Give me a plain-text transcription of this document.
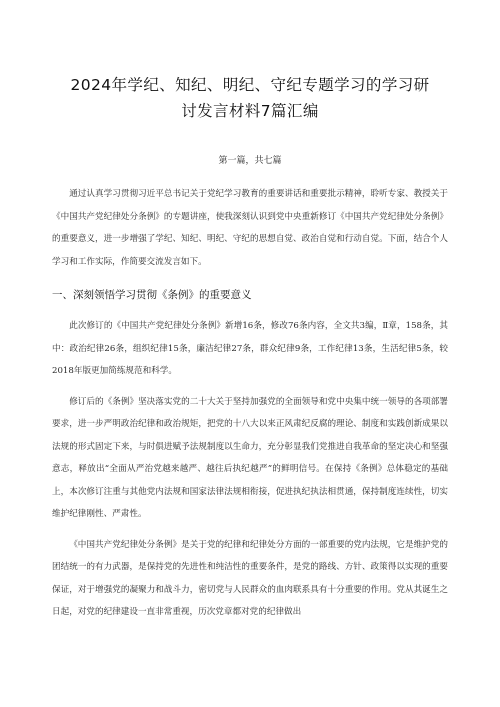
2024年学纪、知纪、明纪、守纪专题学习的学习研
讨发言材料7篇汇编

第一篇，共七篇

通过认真学习贯彻习近平总书记关于党纪学习教育的重要讲话和重要批示精神，聆听专家、教授关于《中国共产党纪律处分条例》的专题讲座，使我深刻认识到党中央重新修订《中国共产党纪律处分条例》的重要意义，进一步增强了学纪、知纪、明纪、守纪的思想自觉、政治自觉和行动自觉。下面，结合个人学习和工作实际，作简要交流发言如下。

一、深刻领悟学习贯彻《条例》的重要意义

此次修订的《中国共产党纪律处分条例》新增16条，修改76条内容，全文共3编，Ⅱ章，158条，其中：政治纪律26条，组织纪律15条，廉洁纪律27条，群众纪律9条，工作纪律13条，生活纪律5条，较2018年版更加简练规范和科学。

修订后的《条例》坚决落实党的二十大关于坚持加强党的全面领导和党中央集中统一领导的各项部署要求，进一步严明政治纪律和政治规矩，把党的十八大以来正风肃纪反腐的理论、制度和实践创新成果以法规的形式固定下来，与时俱进赋予法规制度以生命力，充分彰显我们党推进自我革命的坚定决心和坚强意志，释放出“全面从严治党越来越严、越往后执纪越严”的鲜明信号。在保持《条例》总体稳定的基础上，本次修订注重与其他党内法规和国家法律法规相衔接，促进执纪执法相贯通，保持制度连续性，切实维护纪律刚性、严肃性。

《中国共产党纪律处分条例》是关于党的纪律和纪律处分方面的一部重要的党内法规，它是维护党的团结统一的有力武器，是保持党的先进性和纯洁性的重要条件，是党的路线、方针、政策得以实现的重要保证，对于增强党的凝聚力和战斗力，密切党与人民群众的血肉联系具有十分重要的作用。党从其诞生之日起，对党的纪律建设一直非常重视，历次党章都对党的纪律做出
